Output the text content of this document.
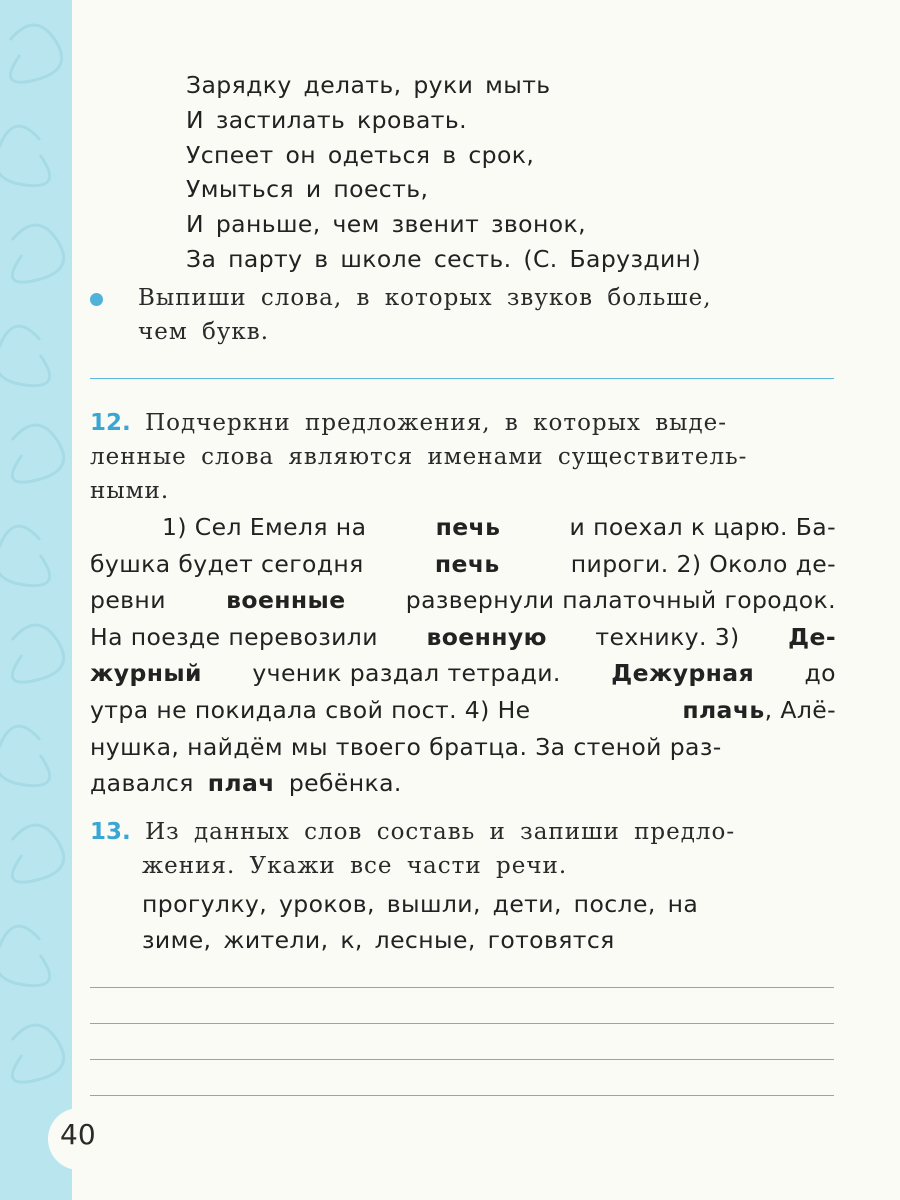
40
Зарядку делать, руки мыть
И застилать кровать.
Успеет он одеться в срок,
Умыться и поесть,
И раньше, чем звенит звонок,
За парту в школе сесть. (С. Баруздин)
Выпиши слова, в которых звуков больше,
чем букв.
12. Подчеркни предложения, в которых выде-
ленные слова являются именами существитель-
ными.
1) Сел Емеля на	печь	и поехал к царю. Ба-
бушка будет сегодня	печь	пироги. 2) Около де-
ревни	военные	развернули палаточный городок.
На поезде перевозили военную технику. 3) Де-
журный ученик раздал тетради. Дежурная до
утра не покидала свой пост. 4) Не	плачь , Алё-
нушка, найдём мы твоего братца. За стеной раз-
давался плач ребёнка.
13. Из данных слов составь и запиши предло-
жения. Укажи все части речи.
прогулку, уроков, вышли, дети, после, на
зиме, жители, к, лесные, готовятся
